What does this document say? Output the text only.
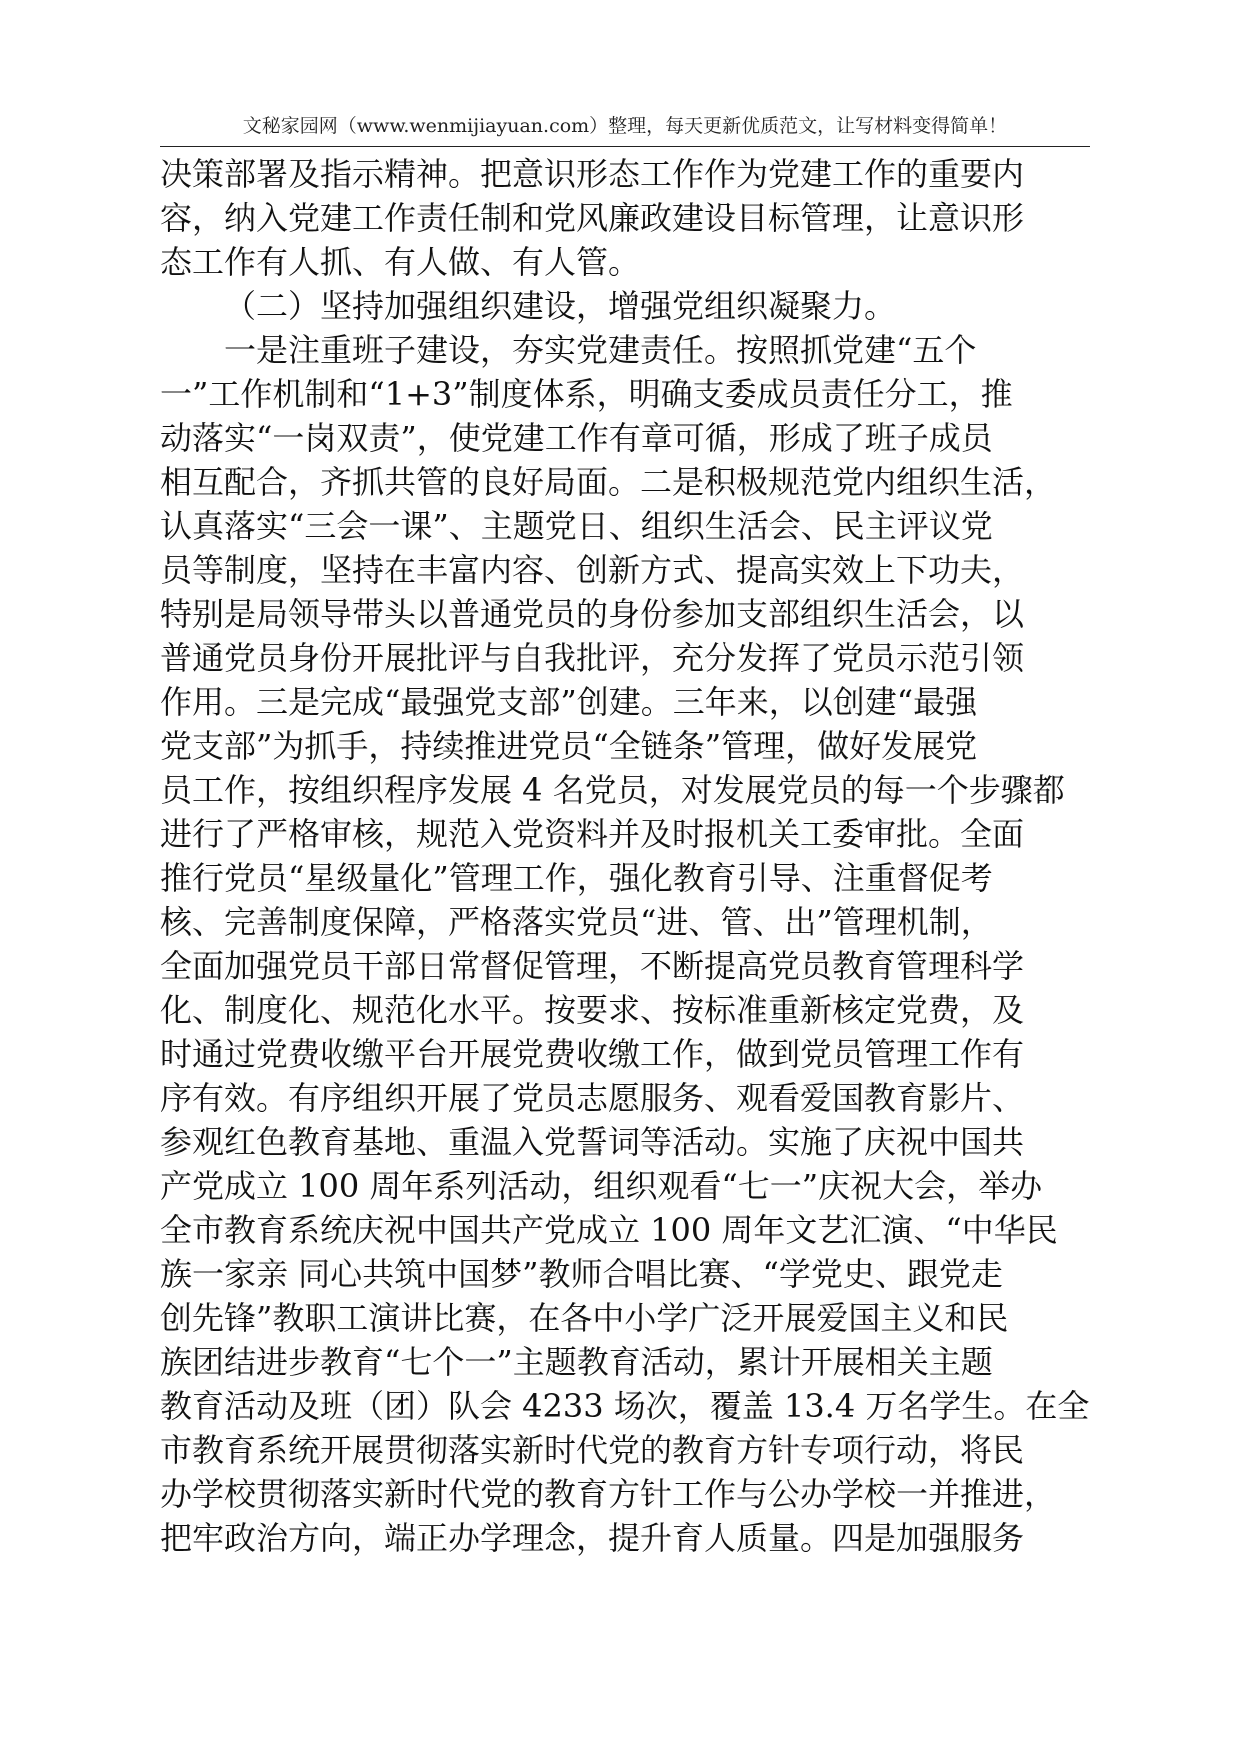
文秘家园网（www.wenmijiayuan.com）整理，每天更新优质范文，让写材料变得简单！
决策部署及指示精神。把意识形态工作作为党建工作的重要内
容，纳入党建工作责任制和党风廉政建设目标管理，让意识形
态工作有人抓、有人做、有人管。
（二）坚持加强组织建设，增强党组织凝聚力。
一是注重班子建设，夯实党建责任。按照抓党建“五个
一”工作机制和“1+3”制度体系，明确支委成员责任分工，推
动落实“一岗双责”，使党建工作有章可循，形成了班子成员
相互配合，齐抓共管的良好局面。二是积极规范党内组织生活，
认真落实“三会一课”、主题党日、组织生活会、民主评议党
员等制度，坚持在丰富内容、创新方式、提高实效上下功夫，
特别是局领导带头以普通党员的身份参加支部组织生活会，以
普通党员身份开展批评与自我批评，充分发挥了党员示范引领
作用。三是完成“最强党支部”创建。三年来，以创建“最强
党支部”为抓手，持续推进党员“全链条”管理，做好发展党
员工作，按组织程序发展 4 名党员，对发展党员的每一个步骤都
进行了严格审核，规范入党资料并及时报机关工委审批。全面
推行党员“星级量化”管理工作，强化教育引导、注重督促考
核、完善制度保障，严格落实党员“进、管、出”管理机制，
全面加强党员干部日常督促管理，不断提高党员教育管理科学
化、制度化、规范化水平。按要求、按标准重新核定党费，及
时通过党费收缴平台开展党费收缴工作，做到党员管理工作有
序有效。有序组织开展了党员志愿服务、观看爱国教育影片、
参观红色教育基地、重温入党誓词等活动。实施了庆祝中国共
产党成立 100 周年系列活动，组织观看“七一”庆祝大会，举办
全市教育系统庆祝中国共产党成立 100 周年文艺汇演、“中华民
族一家亲 同心共筑中国梦”教师合唱比赛、“学党史、跟党走
创先锋”教职工演讲比赛，在各中小学广泛开展爱国主义和民
族团结进步教育“七个一”主题教育活动，累计开展相关主题
教育活动及班（团）队会 4233 场次，覆盖 13.4 万名学生。在全
市教育系统开展贯彻落实新时代党的教育方针专项行动，将民
办学校贯彻落实新时代党的教育方针工作与公办学校一并推进，
把牢政治方向，端正办学理念，提升育人质量。四是加强服务
